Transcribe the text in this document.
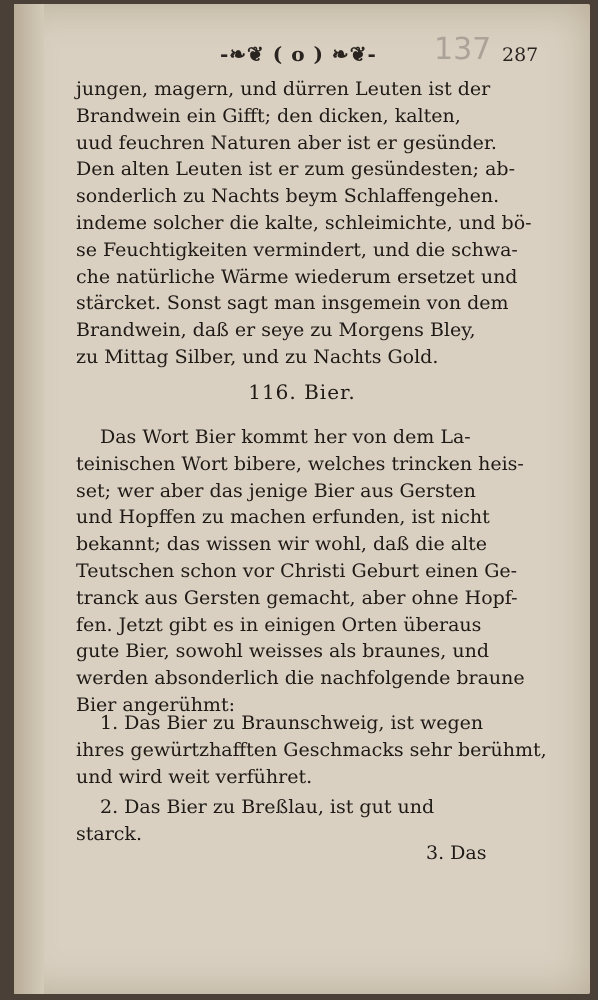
-❧❦ ( o ) ❧❦- 137 287
jungen, magern, und dürren Leuten ist der
Brandwein ein Gifft; den dicken, kalten,
uud feuchren Naturen aber ist er gesünder.
Den alten Leuten ist er zum gesündesten; ab-
sonderlich zu Nachts beym Schlaffengehen.
indeme solcher die kalte, schleimichte, und bö-
se Feuchtigkeiten vermindert, und die schwa-
che natürliche Wärme wiederum ersetzet und
stärcket. Sonst sagt man insgemein von dem
Brandwein, daß er seye zu Morgens Bley,
zu Mittag Silber, und zu Nachts Gold.
116. Bier.
Das Wort Bier kommt her von dem La-
teinischen Wort bibere, welches trincken heis-
set; wer aber das jenige Bier aus Gersten
und Hopffen zu machen erfunden, ist nicht
bekannt; das wissen wir wohl, daß die alte
Teutschen schon vor Christi Geburt einen Ge-
tranck aus Gersten gemacht, aber ohne Hopf-
fen. Jetzt gibt es in einigen Orten überaus
gute Bier, sowohl weisses als braunes, und
werden absonderlich die nachfolgende braune
Bier angerühmt:
1. Das Bier zu Braunschweig, ist wegen
ihres gewürtzhafften Geschmacks sehr berühmt,
und wird weit verführet.
2. Das Bier zu Breßlau, ist gut und
starck.
3. Das
